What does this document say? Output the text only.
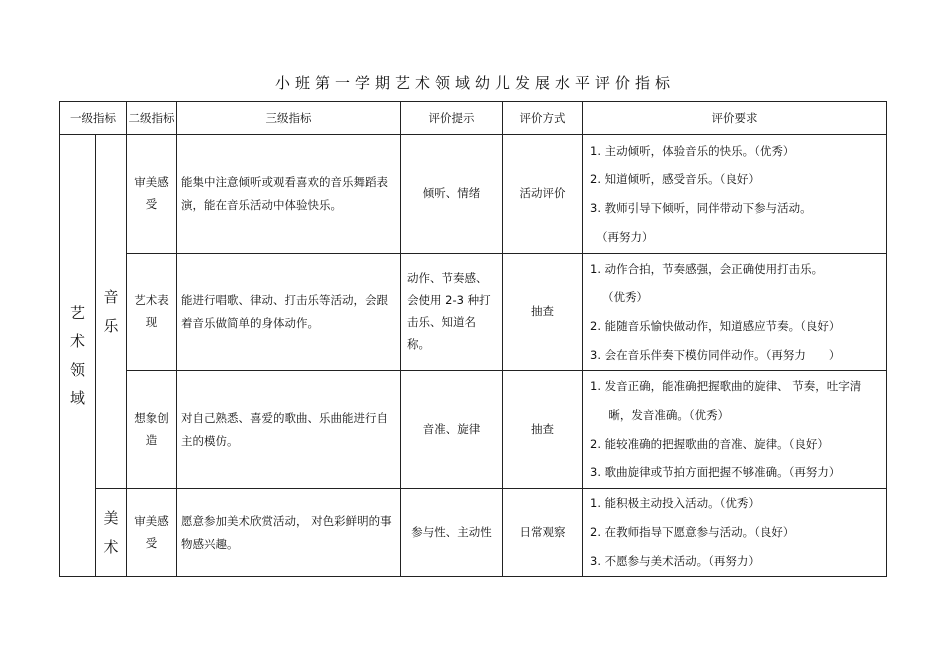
小班第一学期艺术领域幼儿发展水平评价指标
一级指标		二级指标	三级指标	评价提示	评价方式	评价要求

艺术领域	音乐	审美感受	能集中注意倾听或观看喜欢的音乐舞蹈表演，能在音乐活动中体验快乐。	倾听、情绪	活动评价	1. 主动倾听，体验音乐的快乐。（优秀）
2. 知道倾听，感受音乐。（良好）
3. 教师引导下倾听，同伴带动下参与活动。
（再努力）

		艺术表现	能进行唱歌、律动、打击乐等活动，会跟着音乐做简单的身体动作。	动作、节奏感、会使用 2-3 种打击乐、知道名称。	抽查	1. 动作合拍，节奏感强，会正确使用打击乐。
（优秀）
2. 能随音乐愉快做动作，知道感应节奏。（良好）
3. 会在音乐伴奏下模仿同伴动作。（再努力　　）

		想象创造	对自己熟悉、喜爱的歌曲、乐曲能进行自主的模仿。	音准、旋律	抽查	1. 发音正确，能准确把握歌曲的旋律、 节奏，吐字清晰，发音准确。（优秀）
2. 能较准确的把握歌曲的音准、旋律。（良好）
3. 歌曲旋律或节拍方面把握不够准确。（再努力）

	美术	审美感受	愿意参加美术欣赏活动， 对色彩鲜明的事物感兴趣。	参与性、主动性	日常观察	1. 能积极主动投入活动。（优秀）
2. 在教师指导下愿意参与活动。（良好）
3. 不愿参与美术活动。（再努力）
